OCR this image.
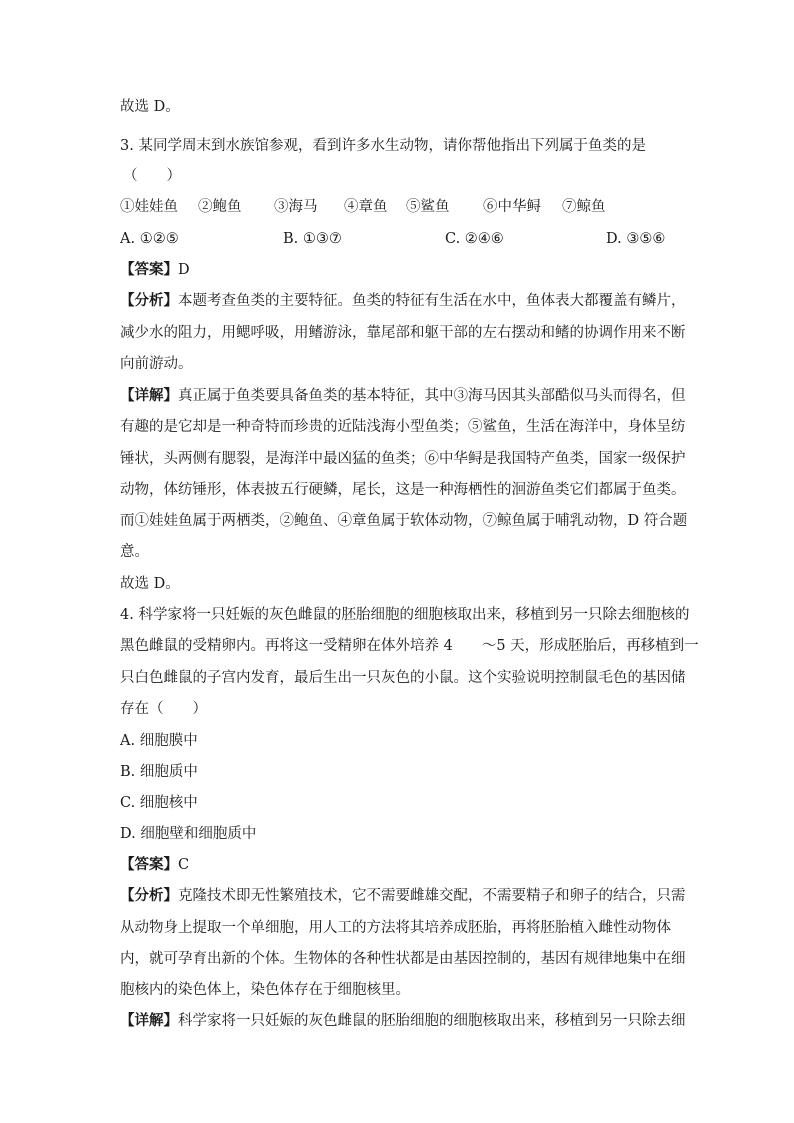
故选 D。
3. 某同学周末到水族馆参观，看到许多水生动物，请你帮他指出下列属于鱼类的是
（　　）
【答案】D
【分析】本题考查鱼类的主要特征。鱼类的特征有生活在水中，鱼体表大都覆盖有鳞片，
减少水的阻力，用鳃呼吸，用鳍游泳，靠尾部和躯干部的左右摆动和鳍的协调作用来不断
向前游动。
【详解】真正属于鱼类要具备鱼类的基本特征，其中③海马因其头部酷似马头而得名，但
有趣的是它却是一种奇特而珍贵的近陆浅海小型鱼类；⑤鲨鱼，生活在海洋中，身体呈纺
锤状，头两侧有腮裂，是海洋中最凶猛的鱼类；⑥中华鲟是我国特产鱼类，国家一级保护
动物，体纺锤形，体表披五行硬鳞，尾长，这是一种海栖性的洄游鱼类它们都属于鱼类。
而①娃娃鱼属于两栖类，②鲍鱼、④章鱼属于软体动物，⑦鲸鱼属于哺乳动物，D 符合题
意。
故选 D。
4. 科学家将一只妊娠的灰色雌鼠的胚胎细胞的细胞核取出来，移植到另一只除去细胞核的
黑色雌鼠的受精卵内。再将这一受精卵在体外培养 4　　～5 天，形成胚胎后，再移植到一
只白色雌鼠的子宫内发育，最后生出一只灰色的小鼠。这个实验说明控制鼠毛色的基因储
存在（　　）
A. 细胞膜中
B. 细胞质中
C. 细胞核中
D. 细胞壁和细胞质中
【答案】C
【分析】克隆技术即无性繁殖技术，它不需要雌雄交配，不需要精子和卵子的结合，只需
从动物身上提取一个单细胞，用人工的方法将其培养成胚胎，再将胚胎植入雌性动物体
内，就可孕育出新的个体。生物体的各种性状都是由基因控制的，基因有规律地集中在细
胞核内的染色体上，染色体存在于细胞核里。
【详解】科学家将一只妊娠的灰色雌鼠的胚胎细胞的细胞核取出来，移植到另一只除去细
①娃娃鱼 ②鲍鱼 ③海马 ④章鱼 ⑤鲨鱼 ⑥中华鲟 ⑦鲸鱼
A. ①②⑤	B. ①③⑦	C. ②④⑥	D. ③⑤⑥
